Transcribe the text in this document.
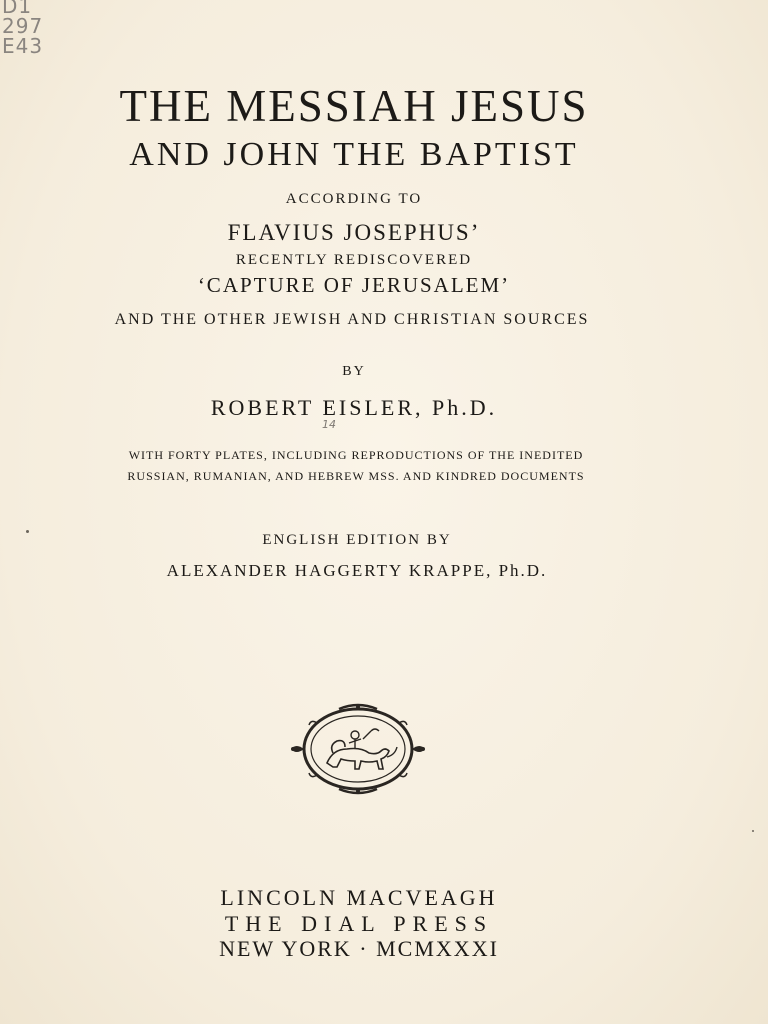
D1
297
E43
THE MESSIAH JESUS
AND JOHN THE BAPTIST
ACCORDING TO
FLAVIUS JOSEPHUS’
RECENTLY REDISCOVERED
‘CAPTURE OF JERUSALEM’
AND THE OTHER JEWISH AND CHRISTIAN SOURCES
BY
ROBERT EISLER, Ph.D.
14
WITH FORTY PLATES, INCLUDING REPRODUCTIONS OF THE INEDITED
RUSSIAN, RUMANIAN, AND HEBREW MSS. AND KINDRED DOCUMENTS
ENGLISH EDITION BY
ALEXANDER HAGGERTY KRAPPE, Ph.D.
LINCOLN MACVEAGH
THE DIAL PRESS
NEW YORK · MCMXXXI
